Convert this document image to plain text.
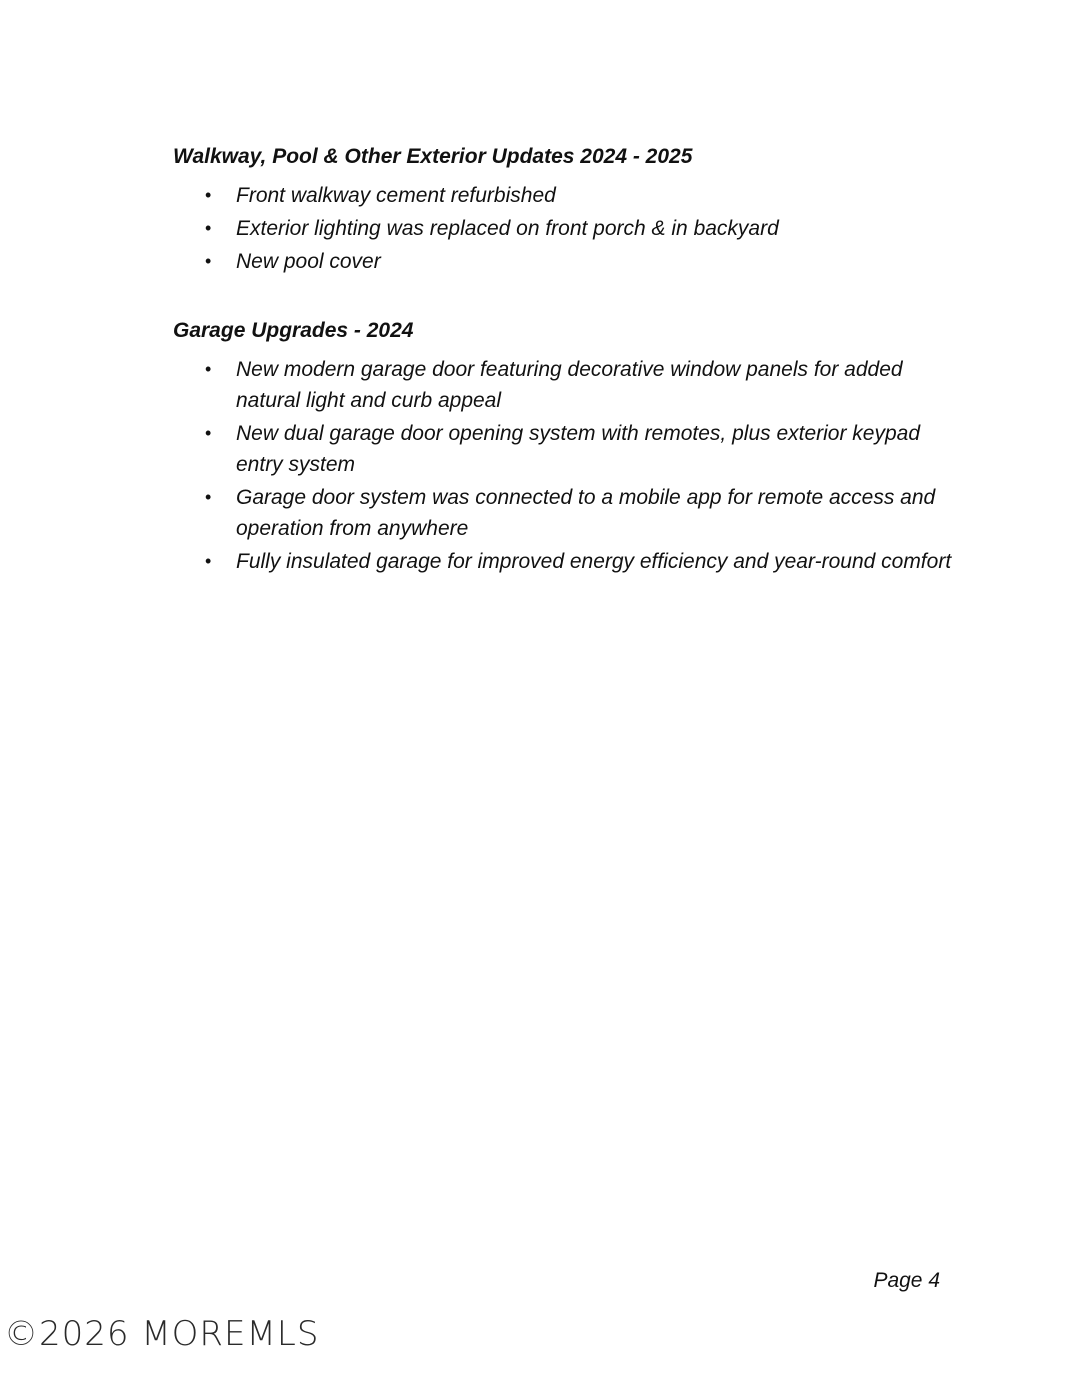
Walkway, Pool & Other Exterior Updates 2024 - 2025
• Front walkway cement refurbished
• Exterior lighting was replaced on front porch & in backyard
• New pool cover
Garage Upgrades - 2024
• New modern garage door featuring decorative window panels for added natural light and curb appeal
• New dual garage door opening system with remotes, plus exterior keypad entry system
• Garage door system was connected to a mobile app for remote access and operation from anywhere
• Fully insulated garage for improved energy efficiency and year-round comfort
Page 4
©2026 MOREMLS
